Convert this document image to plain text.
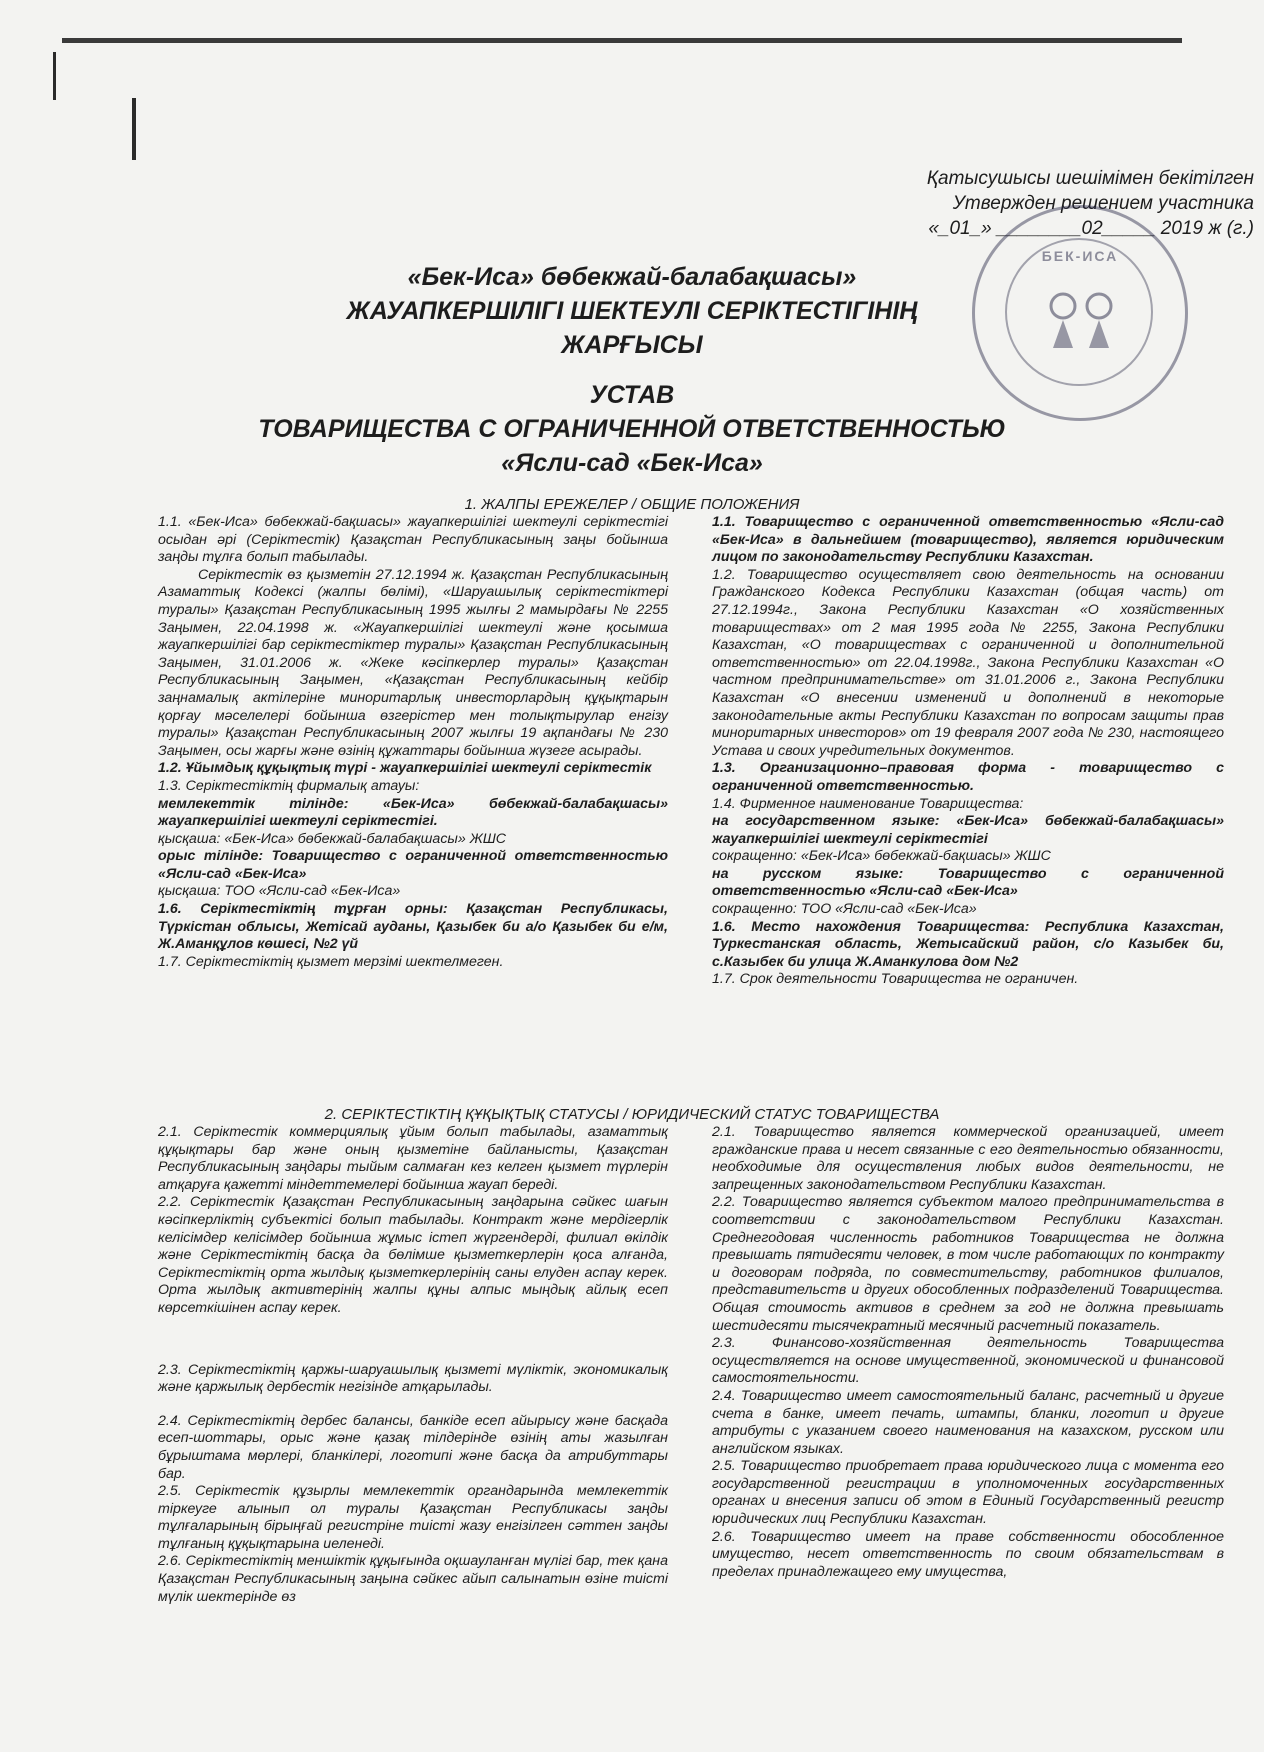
Қатысушысы шешімімен бекітілген
Утвержден решением участника
«_01_» ________02_____ 2019 ж (г.)
БЕК-ИСА
«Бек-Иса» бөбекжай-балабақшасы»
ЖАУАПКЕРШІЛІГІ ШЕКТЕУЛІ СЕРІКТЕСТІГІНІҢ
ЖАРҒЫСЫ
УСТАВ
ТОВАРИЩЕСТВА С ОГРАНИЧЕННОЙ ОТВЕТСТВЕННОСТЬЮ
«Ясли-сад «Бек-Иса»
1. ЖАЛПЫ ЕРЕЖЕЛЕР / ОБЩИЕ ПОЛОЖЕНИЯ

1.1. «Бек-Иса» бөбекжай-бақшасы» жауапкершілігі шектеулі серіктестігі осыдан әрі (Серіктестік) Қазақстан Республикасының заңы бойынша заңды тұлға болып табылады.

Серіктестік өз қызметін 27.12.1994 ж. Қазақстан Республикасының Азаматтық Кодексі (жалпы бөлімі), «Шаруашылық серіктестіктері туралы» Қазақстан Республикасының 1995 жылғы 2 мамырдағы № 2255 Заңымен, 22.04.1998 ж. «Жауапкершілігі шектеулі және қосымша жауапкершілігі бар серіктестіктер туралы» Қазақстан Республикасының Заңымен, 31.01.2006 ж. «Жеке кәсіпкерлер туралы» Қазақстан Республикасының Заңымен, «Қазақстан Республикасының кейбір заңнамалық актілеріне миноритарлық инвесторлардың құқықтарын қорғау мәселелері бойынша өзгерістер мен толықтырулар енгізу туралы» Қазақстан Республикасының 2007 жылғы 19 ақпандағы № 230 Заңымен, осы жарғы және өзінің құжаттары бойынша жүзеге асырады.

1.2. Ұйымдық құқықтық түрі - жауапкершілігі шектеулі серіктестік

1.3. Серіктестіктің фирмалық атауы:

мемлекеттік тілінде: «Бек-Иса» бөбекжай-балабақшасы» жауапкершілігі шектеулі серіктестігі.

қысқаша: «Бек-Иса» бөбекжай-балабақшасы» ЖШС

орыс тілінде: Товарищество с ограниченной ответственностью «Ясли-сад «Бек-Иса»

қысқаша: ТОО «Ясли-сад «Бек-Иса»

1.6. Серіктестіктің тұрған орны: Қазақстан Республикасы, Түркістан облысы, Жетісай ауданы, Қазыбек би а/о Қазыбек би е/м, Ж.Аманқұлов көшесі, №2 үй

1.7. Серіктестіктің қызмет мерзімі шектелмеген.

1.1. Товарищество с ограниченной ответственностью «Ясли-сад «Бек-Иса» в дальнейшем (товарищество), является юридическим лицом по законодательству Республики Казахстан.

1.2. Товарищество осуществляет свою деятельность на основании Гражданского Кодекса Республики Казахстан (общая часть) от 27.12.1994г., Закона Республики Казахстан «О хозяйственных товариществах» от 2 мая 1995 года № 2255, Закона Республики Казахстан, «О товариществах с ограниченной и дополнительной ответственностью» от 22.04.1998г., Закона Республики Казахстан «О частном предпринимательстве» от 31.01.2006 г., Закона Республики Казахстан «О внесении изменений и дополнений в некоторые законодательные акты Республики Казахстан по вопросам защиты прав миноритарных инвесторов» от 19 февраля 2007 года № 230, настоящего Устава и своих учредительных документов.

1.3. Организационно–правовая форма - товарищество с ограниченной ответственностью.

1.4. Фирменное наименование Товарищества:

на государственном языке: «Бек-Иса» бөбекжай-балабақшасы» жауапкершілігі шектеулі серіктестігі

сокращенно: «Бек-Иса» бөбекжай-бақшасы» ЖШС

на русском языке: Товарищество с ограниченной ответственностью «Ясли-сад «Бек-Иса»

сокращенно: ТОО «Ясли-сад «Бек-Иса»

1.6. Место нахождения Товарищества: Республика Казахстан, Туркестанская область, Жетысайский район, с/о Казыбек би, с.Казыбек би улица Ж.Аманкулова дом №2

1.7. Срок деятельности Товарищества не ограничен.

2. СЕРІКТЕСТІКТІҢ ҚҰҚЫҚТЫҚ СТАТУСЫ / ЮРИДИЧЕСКИЙ СТАТУС ТОВАРИЩЕСТВА

2.1. Серіктестік коммерциялық ұйым болып табылады, азаматтық құқықтары бар және оның қызметіне байланысты, Қазақстан Республикасының заңдары тыйым салмаған кез келген қызмет түрлерін атқаруға қажетті міндеттемелері бойынша жауап береді.

2.2. Серіктестік Қазақстан Республикасының заңдарына сәйкес шағын кәсіпкерліктің субъектісі болып табылады. Контракт және мердігерлік келісімдер келісімдер бойынша жұмыс істеп жүргендерді, филиал өкілдік және Серіктестіктің басқа да бөлімше қызметкерлерін қоса алғанда, Серіктестіктің орта жылдық қызметкерлерінің саны елуден аспау керек. Орта жылдық активтерінің жалпы құны алпыс мыңдық айлық есеп көрсеткішінен аспау керек.

2.3. Серіктестіктің қаржы-шаруашылық қызметі мүліктік, экономикалық және қаржылық дербестік негізінде атқарылады.

2.4. Серіктестіктің дербес балансы, банкіде есеп айырысу және басқада есеп-шоттары, орыс және қазақ тілдерінде өзінің аты жазылған бұрыштама мөрлері, бланкілері, логотипі және басқа да атрибуттары бар.

2.5. Серіктестік құзырлы мемлекеттік органдарында мемлекеттік тіркеуге алынып ол туралы Қазақстан Республикасы заңды тұлғаларының бірыңғай регистріне тиісті жазу енгізілген сәттен заңды тұлғаның құқықтарына иеленеді.

2.6. Серіктестіктің меншіктік құқығында оқшауланған мүлігі бар, тек қана Қазақстан Республикасының заңына сәйкес айып салынатын өзіне тиісті мүлік шектерінде өз

2.1. Товарищество является коммерческой организацией, имеет гражданские права и несет связанные с его деятельностью обязанности, необходимые для осуществления любых видов деятельности, не запрещенных законодательством Республики Казахстан.

2.2. Товарищество является субъектом малого предпринимательства в соответствии с законодательством Республики Казахстан. Среднегодовая численность работников Товарищества не должна превышать пятидесяти человек, в том числе работающих по контракту и договорам подряда, по совместительству, работников филиалов, представительств и других обособленных подразделений Товарищества. Общая стоимость активов в среднем за год не должна превышать шестидесяти тысячекратный месячный расчетный показатель.

2.3. Финансово-хозяйственная деятельность Товарищества осуществляется на основе имущественной, экономической и финансовой самостоятельности.

2.4. Товарищество имеет самостоятельный баланс, расчетный и другие счета в банке, имеет печать, штампы, бланки, логотип и другие атрибуты с указанием своего наименования на казахском, русском или английском языках.

2.5. Товарищество приобретает права юридического лица с момента его государственной регистрации в уполномоченных государственных органах и внесения записи об этом в Единый Государственный регистр юридических лиц Республики Казахстан.

2.6. Товарищество имеет на праве собственности обособленное имущество, несет ответственность по своим обязательствам в пределах принадлежащего ему имущества,
